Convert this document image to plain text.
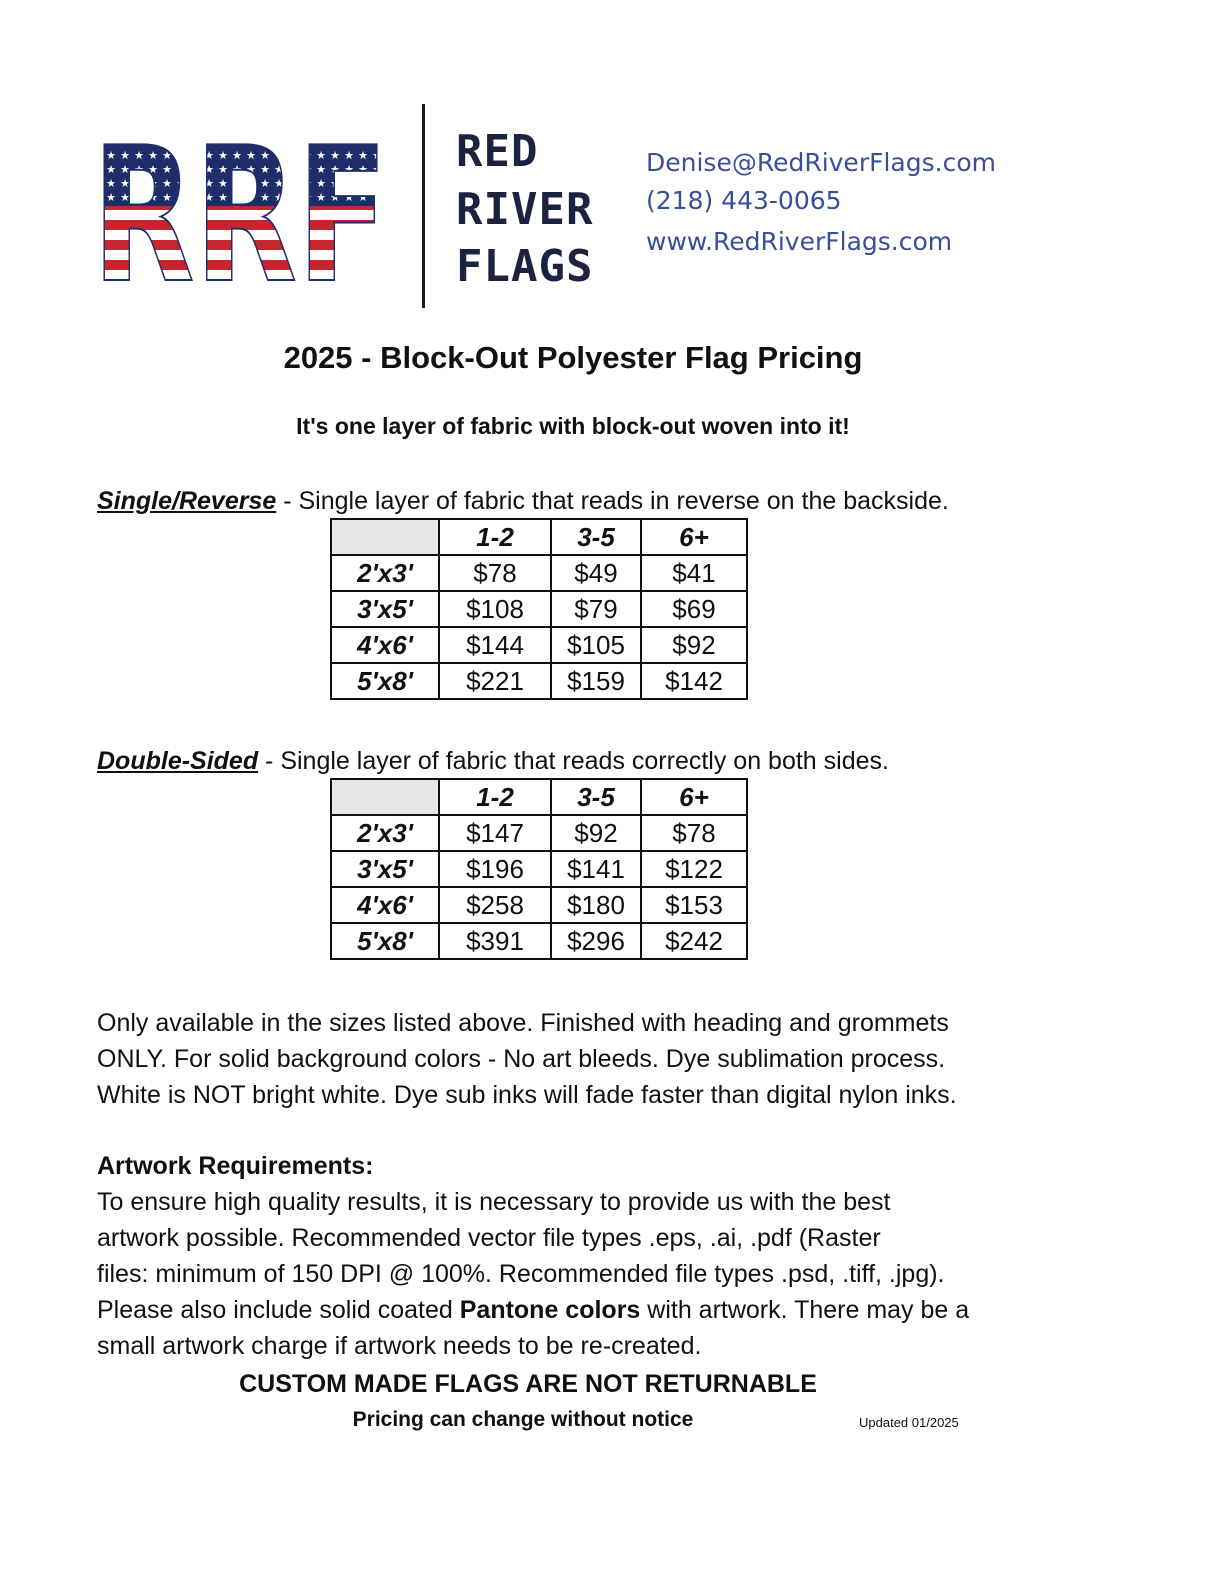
RRF RED
RIVER
FLAGS
Denise@RedRiverFlags.com
(218) 443-0065
www.RedRiverFlags.com
2025 - Block-Out Polyester Flag Pricing
It's one layer of fabric with block-out woven into it!
Single/Reverse - Single layer of fabric that reads in reverse on the backside.
	1-2	3-5	6+
2'x3'	$78	$49	$41
3'x5'	$108	$79	$69
4'x6'	$144	$105	$92
5'x8'	$221	$159	$142
Double-Sided - Single layer of fabric that reads correctly on both sides.
	1-2	3-5	6+
2'x3'	$147	$92	$78
3'x5'	$196	$141	$122
4'x6'	$258	$180	$153
5'x8'	$391	$296	$242
Only available in the sizes listed above. Finished with heading and grommets
ONLY. For solid background colors - No art bleeds. Dye sublimation process.
White is NOT bright white. Dye sub inks will fade faster than digital nylon inks.
Artwork Requirements:
To ensure high quality results, it is necessary to provide us with the best
artwork possible. Recommended vector file types .eps, .ai, .pdf (Raster
files: minimum of 150 DPI @ 100%. Recommended file types .psd, .tiff, .jpg).
Please also include solid coated Pantone colors with artwork. There may be a
small artwork charge if artwork needs to be re-created.
CUSTOM MADE FLAGS ARE NOT RETURNABLE
Pricing can change without notice	Updated 01/2025
